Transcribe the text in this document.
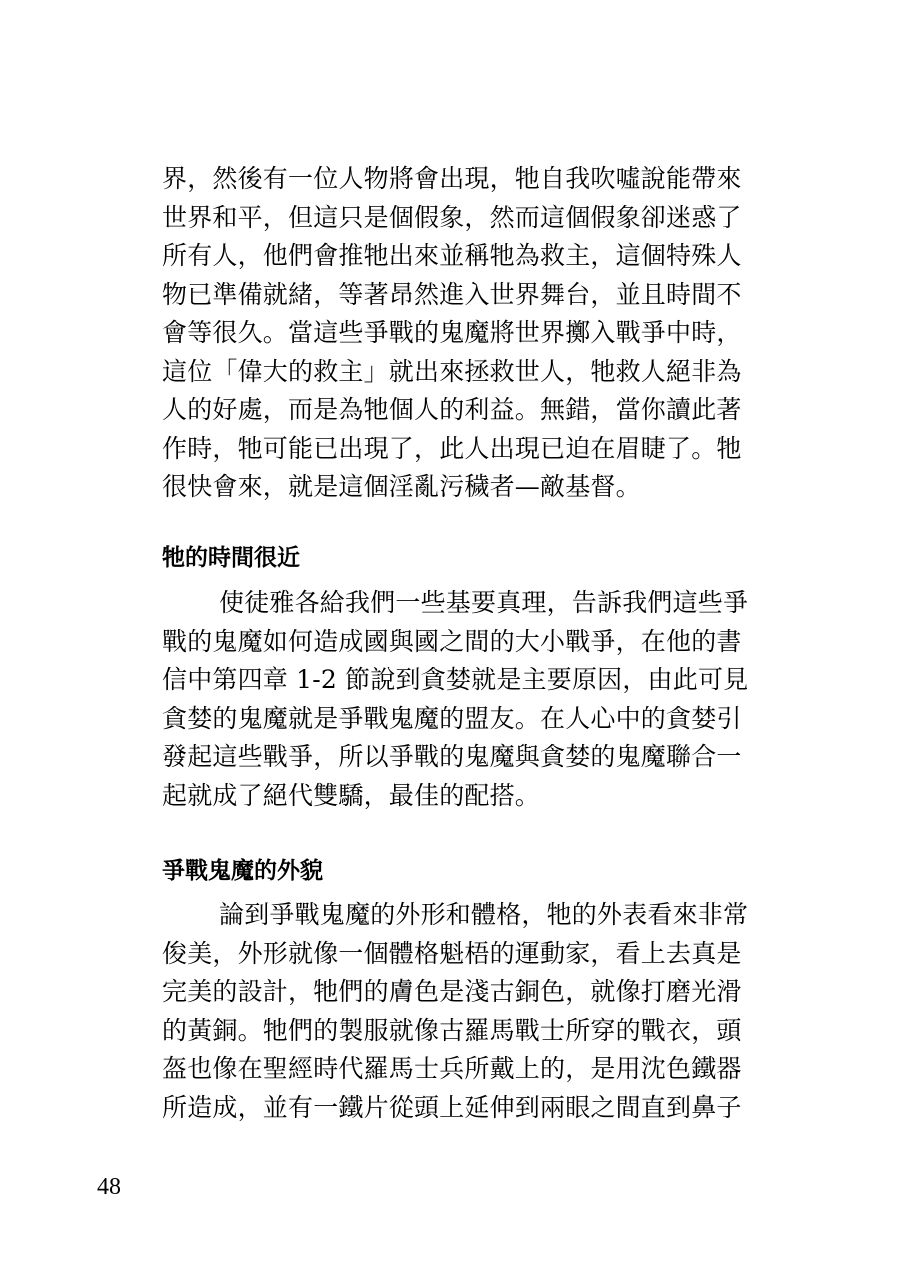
界，然後有一位人物將會出現，牠自我吹噓說能帶來
世界和平，但這只是個假象，然而這個假象卻迷惑了
所有人，他們會推牠出來並稱牠為救主，這個特殊人
物已準備就緒，等著昂然進入世界舞台，並且時間不
會等很久。當這些爭戰的鬼魔將世界擲入戰爭中時，
這位「偉大的救主」就出來拯救世人，牠救人絕非為
人的好處，而是為牠個人的利益。無錯，當你讀此著
作時，牠可能已出現了，此人出現已迫在眉睫了。牠
很快會來，就是這個淫亂污穢者—敵基督。
牠的時間很近
使徒雅各給我們一些基要真理，告訴我們這些爭
戰的鬼魔如何造成國與國之間的大小戰爭，在他的書
信中第四章 1-2 節說到貪婪就是主要原因，由此可見
貪婪的鬼魔就是爭戰鬼魔的盟友。在人心中的貪婪引
發起這些戰爭，所以爭戰的鬼魔與貪婪的鬼魔聯合一
起就成了絕代雙驕，最佳的配搭。
爭戰鬼魔的外貌
論到爭戰鬼魔的外形和體格，牠的外表看來非常
俊美，外形就像一個體格魁梧的運動家，看上去真是
完美的設計，牠們的膚色是淺古銅色，就像打磨光滑
的黃銅。牠們的製服就像古羅馬戰士所穿的戰衣，頭
盔也像在聖經時代羅馬士兵所戴上的，是用沈色鐵器
所造成，並有一鐵片從頭上延伸到兩眼之間直到鼻子
48
